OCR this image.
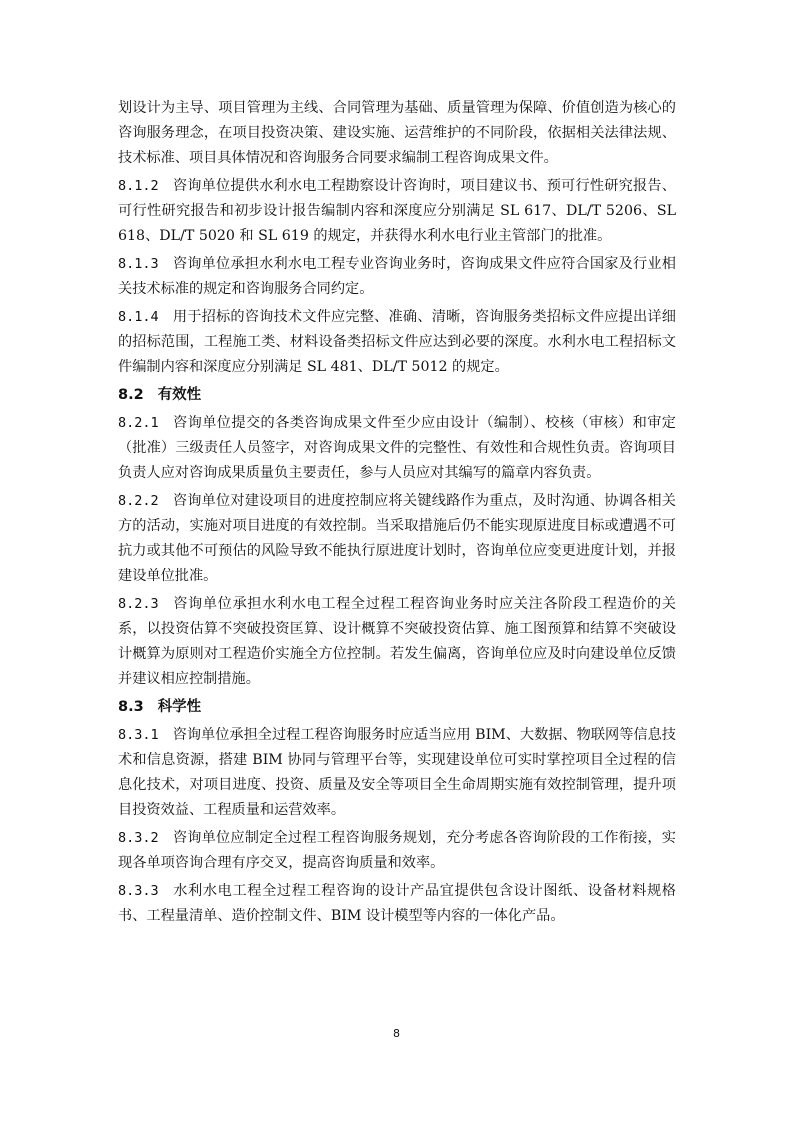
划设计为主导、项目管理为主线、合同管理为基础、质量管理为保障、价值创造为核心的咨询服务理念，在项目投资决策、建设实施、运营维护的不同阶段，依据相关法律法规、技术标准、项目具体情况和咨询服务合同要求编制工程咨询成果文件。

8.1.2 咨询单位提供水利水电工程勘察设计咨询时，项目建议书、预可行性研究报告、可行性研究报告和初步设计报告编制内容和深度应分别满足 SL 617、DL/T 5206、SL 618、DL/T 5020 和 SL 619 的规定，并获得水利水电行业主管部门的批准。

8.1.3 咨询单位承担水利水电工程专业咨询业务时，咨询成果文件应符合国家及行业相关技术标准的规定和咨询服务合同约定。

8.1.4 用于招标的咨询技术文件应完整、准确、清晰，咨询服务类招标文件应提出详细的招标范围，工程施工类、材料设备类招标文件应达到必要的深度。水利水电工程招标文件编制内容和深度应分别满足 SL 481、DL/T 5012 的规定。

8.2 有效性

8.2.1 咨询单位提交的各类咨询成果文件至少应由设计（编制）、校核（审核）和审定（批准）三级责任人员签字，对咨询成果文件的完整性、有效性和合规性负责。咨询项目负责人应对咨询成果质量负主要责任，参与人员应对其编写的篇章内容负责。

8.2.2 咨询单位对建设项目的进度控制应将关键线路作为重点，及时沟通、协调各相关方的活动，实施对项目进度的有效控制。当采取措施后仍不能实现原进度目标或遭遇不可抗力或其他不可预估的风险导致不能执行原进度计划时，咨询单位应变更进度计划，并报建设单位批准。

8.2.3 咨询单位承担水利水电工程全过程工程咨询业务时应关注各阶段工程造价的关系，以投资估算不突破投资匡算、设计概算不突破投资估算、施工图预算和结算不突破设计概算为原则对工程造价实施全方位控制。若发生偏离，咨询单位应及时向建设单位反馈并建议相应控制措施。

8.3 科学性

8.3.1 咨询单位承担全过程工程咨询服务时应适当应用 BIM、大数据、物联网等信息技术和信息资源，搭建 BIM 协同与管理平台等，实现建设单位可实时掌控项目全过程的信息化技术，对项目进度、投资、质量及安全等项目全生命周期实施有效控制管理，提升项目投资效益、工程质量和运营效率。

8.3.2 咨询单位应制定全过程工程咨询服务规划，充分考虑各咨询阶段的工作衔接，实现各单项咨询合理有序交叉，提高咨询质量和效率。

8.3.3 水利水电工程全过程工程咨询的设计产品宜提供包含设计图纸、设备材料规格书、工程量清单、造价控制文件、BIM 设计模型等内容的一体化产品。

8
